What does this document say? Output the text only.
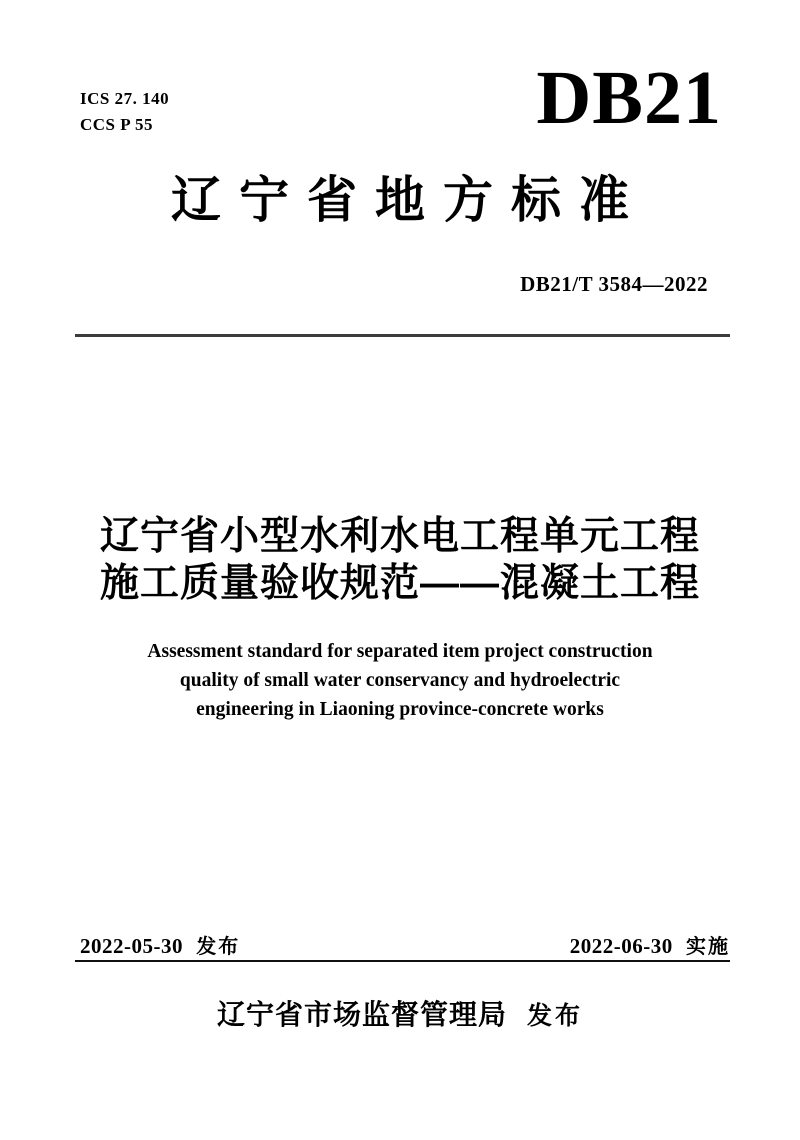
ICS 27. 140
CCS P 55	DB21
辽宁省地方标准
DB21/T 3584—2022
辽宁省小型水利水电工程单元工程
施工质量验收规范——混凝土工程
Assessment standard for separated item project construction
quality of small water conservancy and hydroelectric
engineering in Liaoning province-concrete works
2022-05-30 发布	2022-06-30 实施
辽宁省市场监督管理局 发布
